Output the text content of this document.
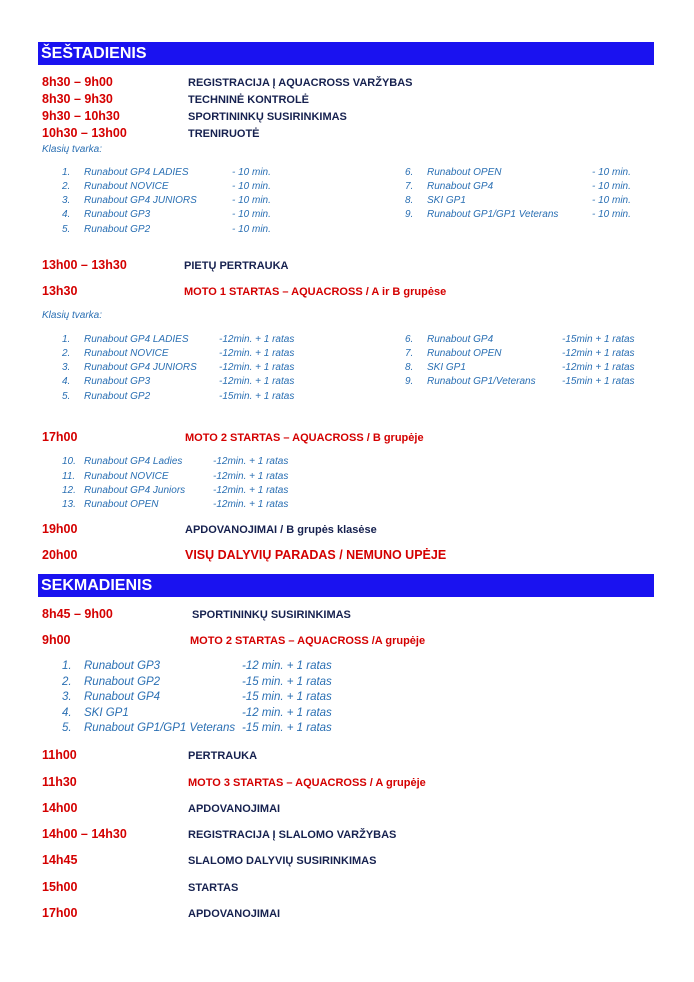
ŠEŠTADIENIS
8h30 – 9h00	REGISTRACIJA Į AQUACROSS VARŽYBAS
8h30 – 9h30	TECHNINĖ KONTROLĖ
9h30 – 10h30	SPORTININKŲ SUSIRINKIMAS
10h30 – 13h00	TRENIRUOTĖ
Klasių tvarka:
1. Runabout GP4 LADIES	- 10 min.
2. Runabout NOVICE	- 10 min.
3. Runabout GP4 JUNIORS	- 10 min.
4. Runabout GP3	- 10 min.
5. Runabout GP2	- 10 min.
6. Runabout OPEN	- 10 min.
7. Runabout GP4	- 10 min.
8. SKI GP1	- 10 min.
9. Runabout GP1/GP1 Veterans	- 10 min.
13h00 – 13h30	PIETŲ PERTRAUKA
13h30	MOTO 1 STARTAS – AQUACROSS / A ir B grupėse
Klasių tvarka:
1. Runabout GP4 LADIES	-12min. + 1 ratas
2. Runabout NOVICE	-12min. + 1 ratas
3. Runabout GP4 JUNIORS -12min. + 1 ratas
4. Runabout GP3	-12min. + 1 ratas
5. Runabout GP2	-15min. + 1 ratas
6. Runabout GP4	-15min + 1 ratas
7. Runabout OPEN	-12min + 1 ratas
8. SKI GP1	-12min + 1 ratas
9. Runabout GP1/Veterans	-15min + 1 ratas
17h00	MOTO 2 STARTAS – AQUACROSS / B grupėje
10. Runabout GP4 Ladies	-12min. + 1 ratas
11. Runabout NOVICE	-12min. + 1 ratas
12. Runabout GP4 Juniors	-12min. + 1 ratas
13. Runabout OPEN	-12min. + 1 ratas
19h00	APDOVANOJIMAI / B grupės klasėse
20h00	VISŲ DALYVIŲ PARADAS / NEMUNO UPĖJE
SEKMADIENIS
8h45 – 9h00	SPORTININKŲ SUSIRINKIMAS
9h00	MOTO 2 STARTAS – AQUACROSS /A grupėje
1. Runabout GP3	-12 min. + 1 ratas
2. Runabout GP2	-15 min. + 1 ratas
3. Runabout GP4	-15 min. + 1 ratas
4. SKI GP1	-12 min. + 1 ratas
5. Runabout GP1/GP1 Veterans -15 min. + 1 ratas
11h00	PERTRAUKA
11h30	MOTO 3 STARTAS – AQUACROSS / A grupėje
14h00	APDOVANOJIMAI
14h00 – 14h30	REGISTRACIJA Į SLALOMO VARŽYBAS
14h45	SLALOMO DALYVIŲ SUSIRINKIMAS
15h00	STARTAS
17h00	APDOVANOJIMAI
